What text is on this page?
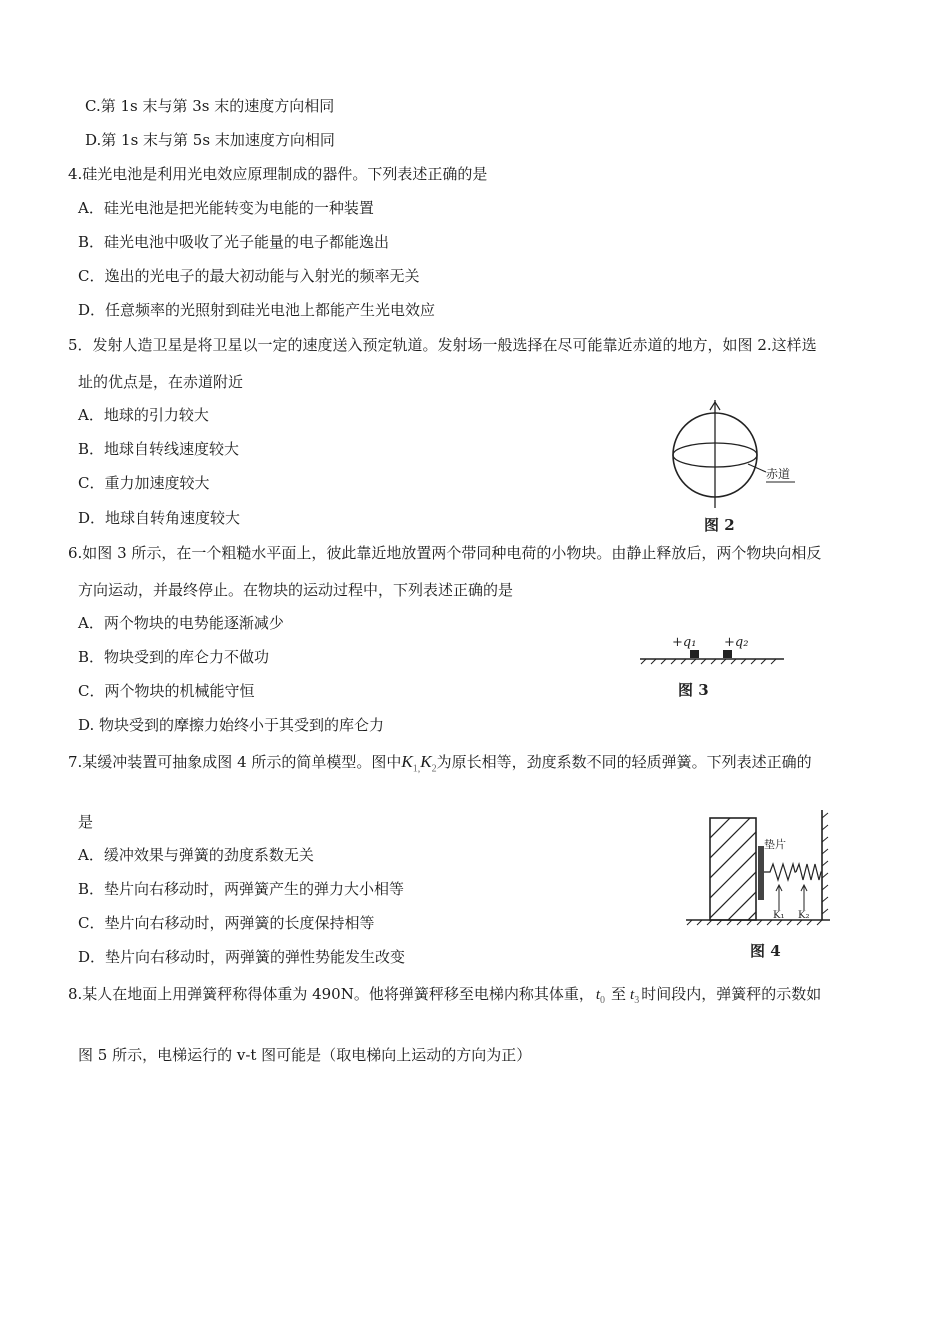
C.第 1s 末与第 3s 末的速度方向相同
D.第 1s 末与第 5s 末加速度方向相同
4.硅光电池是利用光电效应原理制成的器件。下列表述正确的是
A．硅光电池是把光能转变为电能的一种装置
B．硅光电池中吸收了光子能量的电子都能逸出
C．逸出的光电子的最大初动能与入射光的频率无关
D．任意频率的光照射到硅光电池上都能产生光电效应
5．发射人造卫星是将卫星以一定的速度送入预定轨道。发射场一般选择在尽可能靠近赤道的地方，如图 2.这样选
址的优点是，在赤道附近
A．地球的引力较大
B．地球自转线速度较大
C．重力加速度较大
D．地球自转角速度较大
赤道
图 2
6.如图 3 所示，在一个粗糙水平面上，彼此靠近地放置两个带同种电荷的小物块。由静止释放后，两个物块向相反
方向运动，并最终停止。在物块的运动过程中，下列表述正确的是
A．两个物块的电势能逐渐减少
B．物块受到的库仑力不做功
C．两个物块的机械能守恒
D. 物块受到的摩擦力始终小于其受到的库仑力
+q₁ +q₂
图 3
7.某缓冲装置可抽象成图 4 所示的简单模型。图中$K_{1,}K_2$为原长相等，劲度系数不同的轻质弹簧。下列表述正确的
是
A．缓冲效果与弹簧的劲度系数无关
B．垫片向右移动时，两弹簧产生的弹力大小相等
C．垫片向右移动时，两弹簧的长度保持相等
D．垫片向右移动时，两弹簧的弹性势能发生改变
垫片
K₁ K₂
图 4
8.某人在地面上用弹簧秤称得体重为 490N。他将弹簧秤移至电梯内称其体重， $t_0$ 至 $t_3$ 时间段内，弹簧秤的示数如
图 5 所示，电梯运行的 v-t 图可能是（取电梯向上运动的方向为正）
